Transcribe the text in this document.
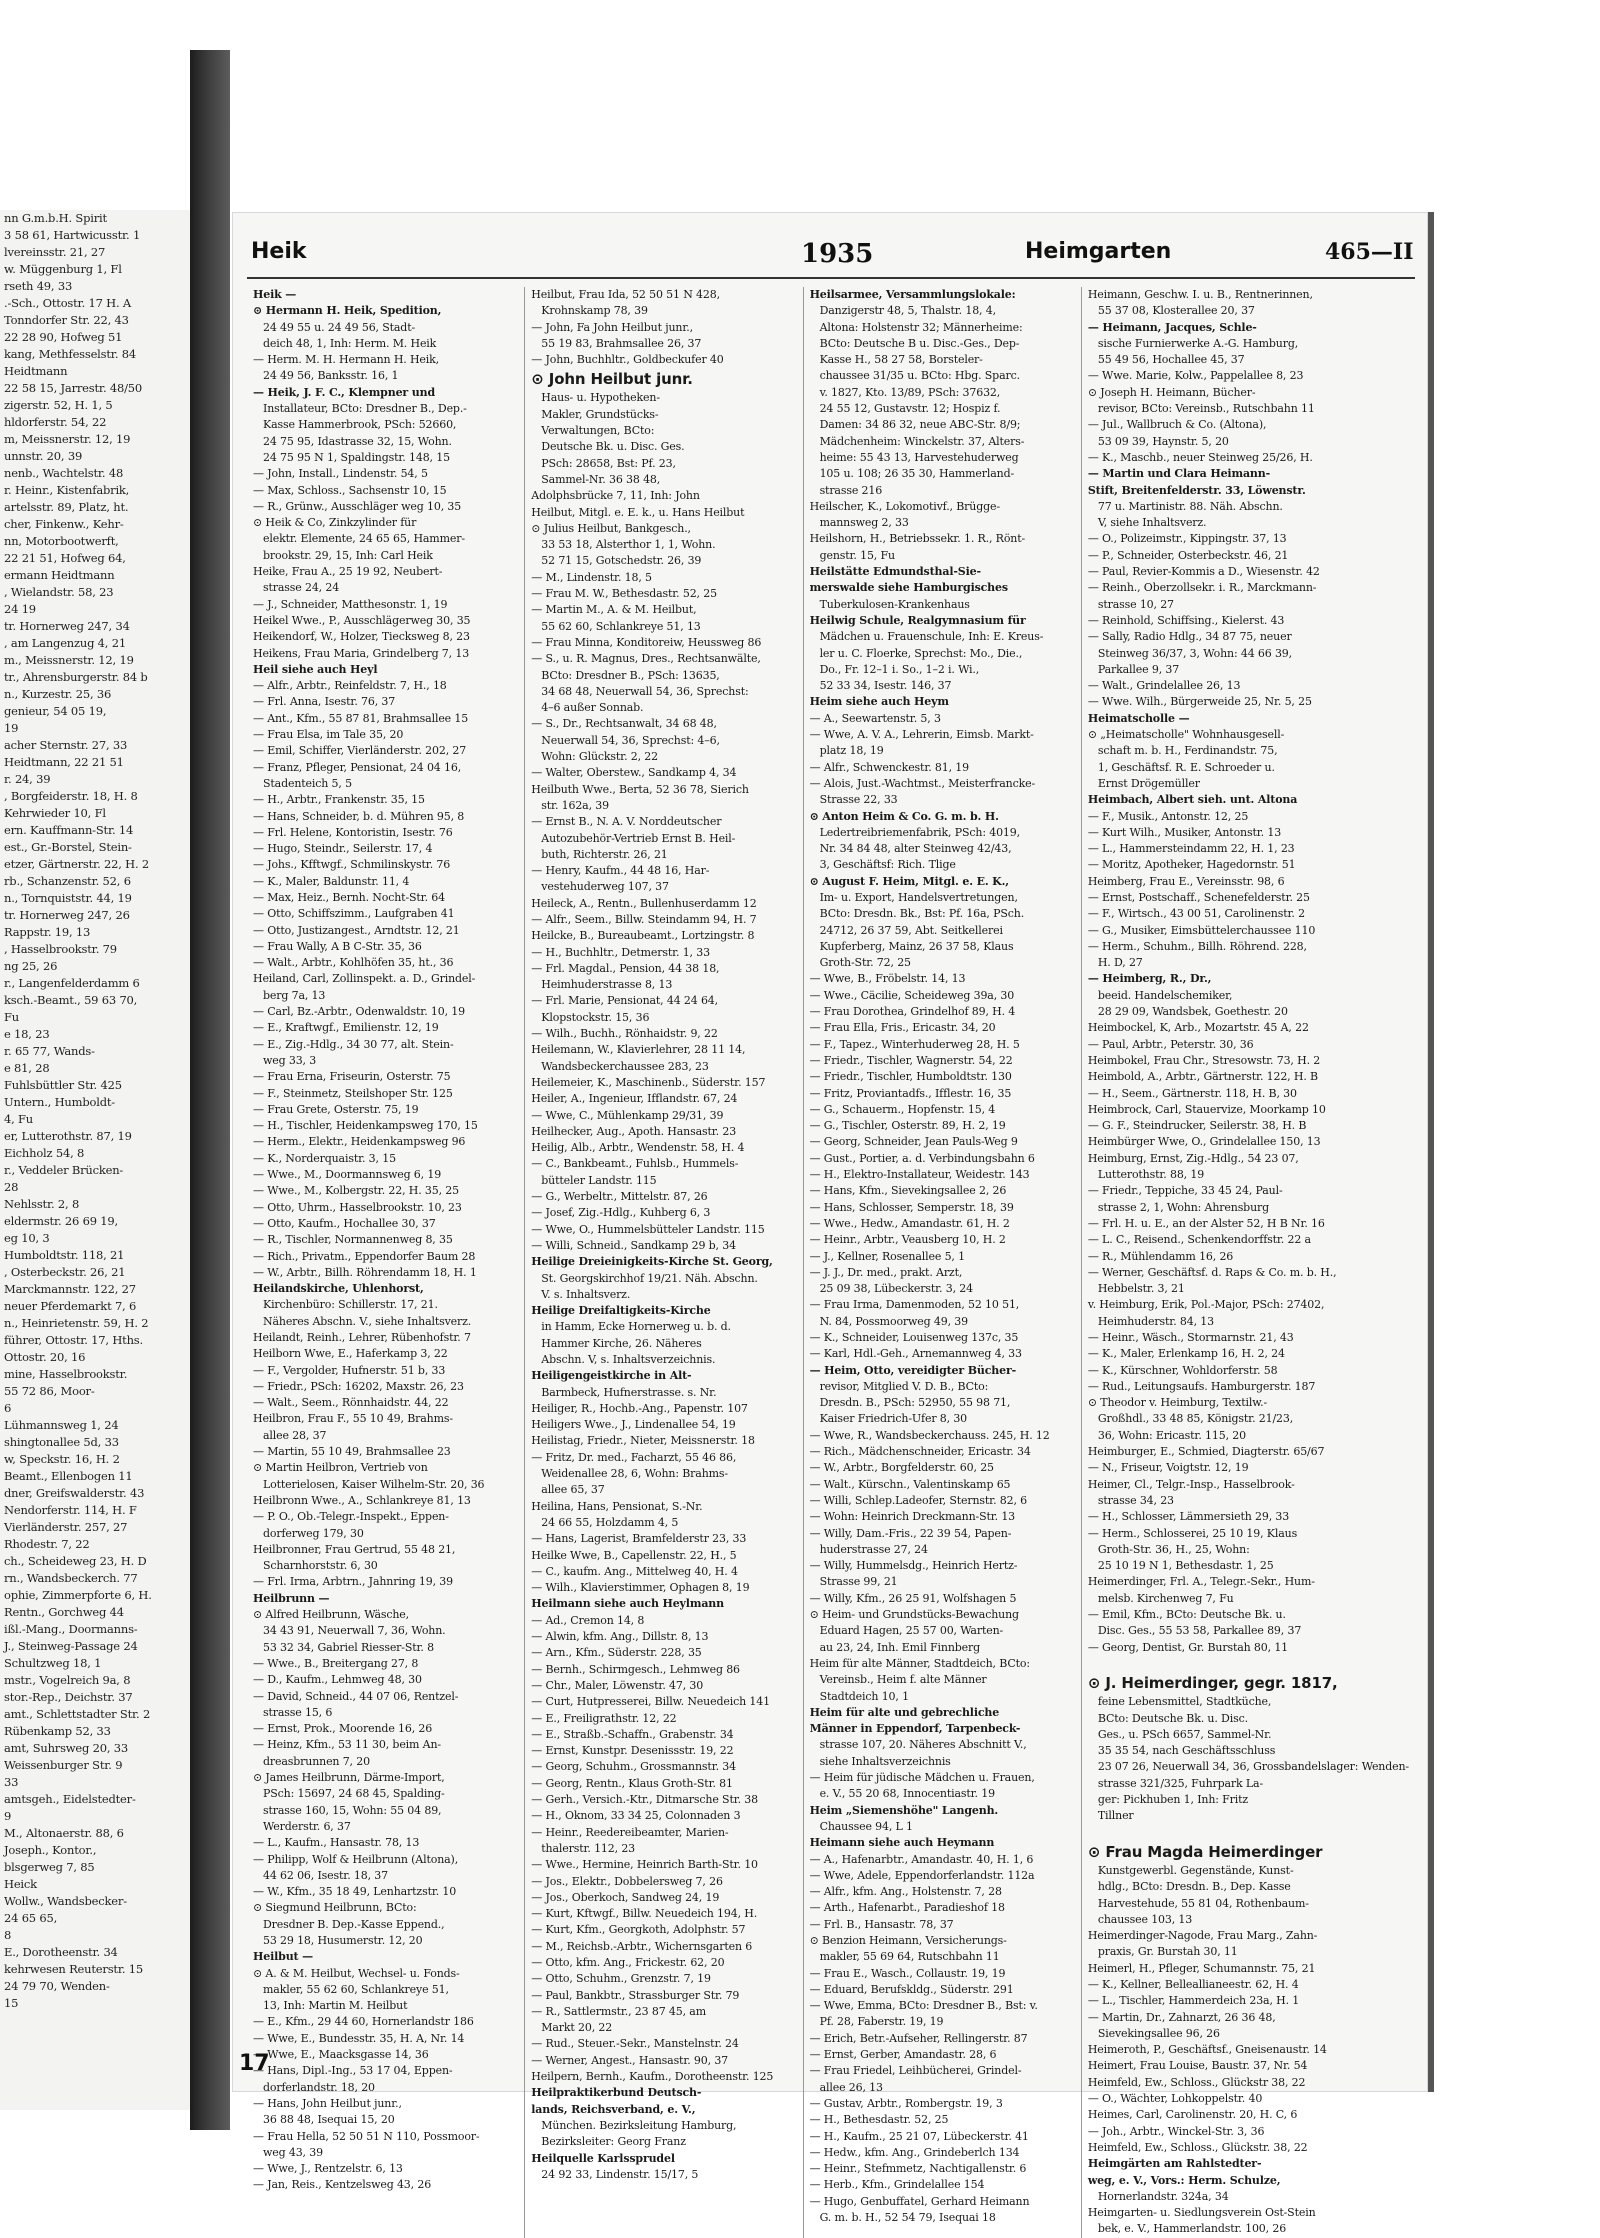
nn G.m.b.H. Spirit
3 58 61, Hartwicusstr. 1
lvereinsstr. 21, 27
w. Müggenburg 1, Fl
rseth 49, 33
.-Sch., Ottostr. 17 H. A
Tonndorfer Str. 22, 43
22 28 90, Hofweg 51
kang, Methfesselstr. 84
Heidtmann
22 58 15, Jarrestr. 48/50
zigerstr. 52, H. 1, 5
hldorferstr. 54, 22
m, Meissnerstr. 12, 19
unnstr. 20, 39
nenb., Wachtelstr. 48
r. Heinr., Kistenfabrik,
artelsstr. 89, Platz, ht.
cher, Finkenw., Kehr-
nn, Motorbootwerft,
22 21 51, Hofweg 64,
ermann Heidtmann
, Wielandstr. 58, 23
24 19
tr. Hornerweg 247, 34
, am Langenzug 4, 21
m., Meissnerstr. 12, 19
tr., Ahrensburgerstr. 84 b
n., Kurzestr. 25, 36
genieur, 54 05 19,
19
acher Sternstr. 27, 33
Heidtmann, 22 21 51
r. 24, 39
, Borgfeiderstr. 18, H. 8
Kehrwieder 10, Fl
ern. Kauffmann-Str. 14
est., Gr.-Borstel, Stein-
etzer, Gärtnerstr. 22, H. 2
rb., Schanzenstr. 52, 6
n., Tornquiststr. 44, 19
tr. Hornerweg 247, 26
Rappstr. 19, 13
, Hasselbrookstr. 79
ng 25, 26
r., Langenfelderdamm 6
ksch.-Beamt., 59 63 70,
Fu
e 18, 23
r. 65 77, Wands-
e 81, 28
Fuhlsbüttler Str. 425
Untern., Humboldt-
4, Fu
er, Lutterothstr. 87, 19
Eichholz 54, 8
r., Veddeler Brücken-
28
Nehlsstr. 2, 8
eldermstr. 26 69 19,
eg 10, 3
Humboldtstr. 118, 21
, Osterbeckstr. 26, 21
Marckmannstr. 122, 27
neuer Pferdemarkt 7, 6
n., Heinrietenstr. 59, H. 2
führer, Ottostr. 17, Hths.
Ottostr. 20, 16
mine, Hasselbrookstr.
55 72 86, Moor-
6
Lühmannsweg 1, 24
shingtonallee 5d, 33
w, Speckstr. 16, H. 2
Beamt., Ellenbogen 11
dner, Greifswalderstr. 43
Nendorferstr. 114, H. F
Vierländerstr. 257, 27
Rhodestr. 7, 22
ch., Scheideweg 23, H. D
rn., Wandsbeckerch. 77
ophie, Zimmerpforte 6, H.
Rentn., Gorchweg 44
ißl.-Mang., Doormanns-
J., Steinweg-Passage 24
Schultzweg 18, 1
mstr., Vogelreich 9a, 8
stor.-Rep., Deichstr. 37
amt., Schlettstadter Str. 2
Rübenkamp 52, 33
amt, Suhrsweg 20, 33
Weissenburger Str. 9
33
amtsgeh., Eidelstedter-
9
M., Altonaerstr. 88, 6
Joseph., Kontor.,
blsgerweg 7, 85
Heick
Wollw., Wandsbecker-
24 65 65,
8
E., Dorotheenstr. 34
kehrwesen Reuterstr. 15
24 79 70, Wenden-
15
Heik	1935	Heimgarten	465—II
Heik —
⊙ Hermann H. Heik, Spedition,
24 49 55 u. 24 49 56, Stadt-
deich 48, 1, Inh: Herm. M. Heik
— Herm. M. H. Hermann H. Heik,
24 49 56, Banksstr. 16, 1
— Heik, J. F. C., Klempner und
Installateur, BCto: Dresdner B., Dep.-
Kasse Hammerbrook, PSch: 52660,
24 75 95, Idastrasse 32, 15, Wohn.
24 75 95 N 1, Spaldingstr. 148, 15
— John, Install., Lindenstr. 54, 5
— Max, Schloss., Sachsenstr 10, 15
— R., Grünw., Ausschläger weg 10, 35
⊙ Heik & Co, Zinkzylinder für
elektr. Elemente, 24 65 65, Hammer-
brookstr. 29, 15, Inh: Carl Heik
Heike, Frau A., 25 19 92, Neubert-
strasse 24, 24
— J., Schneider, Matthesonstr. 1, 19
Heikel Wwe., P., Ausschlägerweg 30, 35
Heikendorf, W., Holzer, Tiecksweg 8, 23
Heikens, Frau Maria, Grindelberg 7, 13
Heil siehe auch Heyl
— Alfr., Arbtr., Reinfeldstr. 7, H., 18
— Frl. Anna, Isestr. 76, 37
— Ant., Kfm., 55 87 81, Brahmsallee 15
— Frau Elsa, im Tale 35, 20
— Emil, Schiffer, Vierländerstr. 202, 27
— Franz, Pfleger, Pensionat, 24 04 16,
Stadenteich 5, 5
— H., Arbtr., Frankenstr. 35, 15
— Hans, Schneider, b. d. Mühren 95, 8
— Frl. Helene, Kontoristin, Isestr. 76
— Hugo, Steindr., Seilerstr. 17, 4
— Johs., Kfftwgf., Schmilinskystr. 76
— K., Maler, Baldunstr. 11, 4
— Max, Heiz., Bernh. Nocht-Str. 64
— Otto, Schiffszimm., Laufgraben 41
— Otto, Justizangest., Arndtstr. 12, 21
— Frau Wally, A B C-Str. 35, 36
— Walt., Arbtr., Kohlhöfen 35, ht., 36
Heiland, Carl, Zollinspekt. a. D., Grindel-
berg 7a, 13
— Carl, Bz.-Arbtr., Odenwaldstr. 10, 19
— E., Kraftwgf., Emilienstr. 12, 19
— E., Zig.-Hdlg., 34 30 77, alt. Stein-
weg 33, 3
— Frau Erna, Friseurin, Osterstr. 75
— F., Steinmetz, Steilshoper Str. 125
— Frau Grete, Osterstr. 75, 19
— H., Tischler, Heidenkampsweg 170, 15
— Herm., Elektr., Heidenkampsweg 96
— K., Norderquaistr. 3, 15
— Wwe., M., Doormannsweg 6, 19
— Wwe., M., Kolbergstr. 22, H. 35, 25
— Otto, Uhrm., Hasselbrookstr. 10, 23
— Otto, Kaufm., Hochallee 30, 37
— R., Tischler, Normannenweg 8, 35
— Rich., Privatm., Eppendorfer Baum 28
— W., Arbtr., Billh. Röhrendamm 18, H. 1
Heilandskirche, Uhlenhorst,
Kirchenbüro: Schillerstr. 17, 21.
Näheres Abschn. V., siehe Inhaltsverz.
Heilandt, Reinh., Lehrer, Rübenhofstr. 7
Heilborn Wwe, E., Haferkamp 3, 22
— F., Vergolder, Hufnerstr. 51 b, 33
— Friedr., PSch: 16202, Maxstr. 26, 23
— Walt., Seem., Rönnhaidstr. 44, 22
Heilbron, Frau F., 55 10 49, Brahms-
allee 28, 37
— Martin, 55 10 49, Brahmsallee 23
⊙ Martin Heilbron, Vertrieb von
Lotterielosen, Kaiser Wilhelm-Str. 20, 36
Heilbronn Wwe., A., Schlankreye 81, 13
— P. O., Ob.-Telegr.-Inspekt., Eppen-
dorferweg 179, 30
Heilbronner, Frau Gertrud, 55 48 21,
Scharnhorststr. 6, 30
— Frl. Irma, Arbtrn., Jahnring 19, 39
Heilbrunn —
⊙ Alfred Heilbrunn, Wäsche,
34 43 91, Neuerwall 7, 36, Wohn.
53 32 34, Gabriel Riesser-Str. 8
— Wwe., B., Breitergang 27, 8
— D., Kaufm., Lehmweg 48, 30
— David, Schneid., 44 07 06, Rentzel-
strasse 15, 6
— Ernst, Prok., Moorende 16, 26
— Heinz, Kfm., 53 11 30, beim An-
dreasbrunnen 7, 20
⊙ James Heilbrunn, Därme-Import,
PSch: 15697, 24 68 45, Spalding-
strasse 160, 15, Wohn: 55 04 89,
Werderstr. 6, 37
— L., Kaufm., Hansastr. 78, 13
— Philipp, Wolf & Heilbrunn (Altona),
44 62 06, Isestr. 18, 37
— W., Kfm., 35 18 49, Lenhartzstr. 10
⊙ Siegmund Heilbrunn, BCto:
Dresdner B. Dep.-Kasse Eppend.,
53 29 18, Husumerstr. 12, 20
Heilbut —
⊙ A. & M. Heilbut, Wechsel- u. Fonds-
makler, 55 62 60, Schlankreye 51,
13, Inh: Martin M. Heilbut
— E., Kfm., 29 44 60, Hornerlandstr 186
— Wwe, E., Bundesstr. 35, H. A, Nr. 14
— Wwe, E., Maacksgasse 14, 36
— Hans, Dipl.-Ing., 53 17 04, Eppen-
dorferlandstr. 18, 20
— Hans, John Heilbut junr.,
36 88 48, Isequai 15, 20
— Frau Hella, 52 50 51 N 110, Possmoor-
weg 43, 39
— Wwe, J., Rentzelstr. 6, 13
— Jan, Reis., Kentzelsweg 43, 26
Heilbut, Frau Ida, 52 50 51 N 428,
Krohnskamp 78, 39
— John, Fa John Heilbut junr.,
55 19 83, Brahmsallee 26, 37
— John, Buchhltr., Goldbeckufer 40
⊙ John Heilbut junr.
Haus- u. Hypotheken-
Makler, Grundstücks-
Verwaltungen, BCto:
Deutsche Bk. u. Disc. Ges.
PSch: 28658, Bst: Pf. 23,
Sammel-Nr. 36 38 48,
Adolphsbrücke 7, 11, Inh: John
Heilbut, Mitgl. e. E. k., u. Hans Heilbut
⊙ Julius Heilbut, Bankgesch.,
33 53 18, Alsterthor 1, 1, Wohn.
52 71 15, Gotschedstr. 26, 39
— M., Lindenstr. 18, 5
— Frau M. W., Bethesdastr. 52, 25
— Martin M., A. & M. Heilbut,
55 62 60, Schlankreye 51, 13
— Frau Minna, Konditoreiw, Heussweg 86
— S., u. R. Magnus, Dres., Rechtsanwälte,
BCto: Dresdner B., PSch: 13635,
34 68 48, Neuerwall 54, 36, Sprechst:
4–6 außer Sonnab.
— S., Dr., Rechtsanwalt, 34 68 48,
Neuerwall 54, 36, Sprechst: 4–6,
Wohn: Glückstr. 2, 22
— Walter, Oberstew., Sandkamp 4, 34
Heilbuth Wwe., Berta, 52 36 78, Sierich
str. 162a, 39
— Ernst B., N. A. V. Norddeutscher
Autozubehör-Vertrieb Ernst B. Heil-
buth, Richterstr. 26, 21
— Henry, Kaufm., 44 48 16, Har-
vestehuderweg 107, 37
Heileck, A., Rentn., Bullenhuserdamm 12
— Alfr., Seem., Billw. Steindamm 94, H. 7
Heilcke, B., Bureaubeamt., Lortzingstr. 8
— H., Buchhltr., Detmerstr. 1, 33
— Frl. Magdal., Pension, 44 38 18,
Heimhuderstrasse 8, 13
— Frl. Marie, Pensionat, 44 24 64,
Klopstockstr. 15, 36
— Wilh., Buchh., Rönhaidstr. 9, 22
Heilemann, W., Klavierlehrer, 28 11 14,
Wandsbeckerchaussee 283, 23
Heilemeier, K., Maschinenb., Süderstr. 157
Heiler, A., Ingenieur, Ifflandstr. 67, 24
— Wwe, C., Mühlenkamp 29/31, 39
Heilhecker, Aug., Apoth. Hansastr. 23
Heilig, Alb., Arbtr., Wendenstr. 58, H. 4
— C., Bankbeamt., Fuhlsb., Hummels-
bütteler Landstr. 115
— G., Werbeltr., Mittelstr. 87, 26
— Josef, Zig.-Hdlg., Kuhberg 6, 3
— Wwe, O., Hummelsbütteler Landstr. 115
— Willi, Schneid., Sandkamp 29 b, 34
Heilige Dreieinigkeits-Kirche St. Georg,
St. Georgskirchhof 19/21. Näh. Abschn.
V. s. Inhaltsverz.
Heilige Dreifaltigkeits-Kirche
in Hamm, Ecke Hornerweg u. b. d.
Hammer Kirche, 26. Näheres
Abschn. V, s. Inhaltsverzeichnis.
Heiligengeistkirche in Alt-
Barmbeck, Hufnerstrasse. s. Nr.
Heiliger, R., Hochb.-Ang., Papenstr. 107
Heiligers Wwe., J., Lindenallee 54, 19
Heilistag, Friedr., Nieter, Meissnerstr. 18
— Fritz, Dr. med., Facharzt, 55 46 86,
Weidenallee 28, 6, Wohn: Brahms-
allee 65, 37
Heilina, Hans, Pensionat, S.-Nr.
24 66 55, Holzdamm 4, 5
— Hans, Lagerist, Bramfelderstr 23, 33
Heilke Wwe, B., Capellenstr. 22, H., 5
— C., kaufm. Ang., Mittelweg 40, H. 4
— Wilh., Klavierstimmer, Ophagen 8, 19
Heilmann siehe auch Heylmann
— Ad., Cremon 14, 8
— Alwin, kfm. Ang., Dillstr. 8, 13
— Arn., Kfm., Süderstr. 228, 35
— Bernh., Schirmgesch., Lehmweg 86
— Chr., Maler, Löwenstr. 47, 30
— Curt, Hutpresserei, Billw. Neuedeich 141
— E., Freiligrathstr. 12, 22
— E., Straßb.-Schaffn., Grabenstr. 34
— Ernst, Kunstpr. Desenissstr. 19, 22
— Georg, Schuhm., Grossmannstr. 34
— Georg, Rentn., Klaus Groth-Str. 81
— Gerh., Versich.-Ktr., Ditmarsche Str. 38
— H., Oknom, 33 34 25, Colonnaden 3
— Heinr., Reedereibeamter, Marien-
thalerstr. 112, 23
— Wwe., Hermine, Heinrich Barth-Str. 10
— Jos., Elektr., Dobbelersweg 7, 26
— Jos., Oberkoch, Sandweg 24, 19
— Kurt, Kftwgf., Billw. Neuedeich 194, H.
— Kurt, Kfm., Georgkoth, Adolphstr. 57
— M., Reichsb.-Arbtr., Wichernsgarten 6
— Otto, kfm. Ang., Frickestr. 62, 20
— Otto, Schuhm., Grenzstr. 7, 19
— Paul, Bankbtr., Strassburger Str. 79
— R., Sattlermstr., 23 87 45, am
Markt 20, 22
— Rud., Steuer.-Sekr., Manstelnstr. 24
— Werner, Angest., Hansastr. 90, 37
Heilpern, Bernh., Kaufm., Dorotheenstr. 125
Heilpraktikerbund Deutsch-
lands, Reichsverband, e. V.,
München. Bezirksleitung Hamburg,
Bezirksleiter: Georg Franz
Heilquelle Karlssprudel
24 92 33, Lindenstr. 15/17, 5
Heilsarmee, Versammlungslokale:
Danzigerstr 48, 5, Thalstr. 18, 4,
Altona: Holstenstr 32; Männerheime:
BCto: Deutsche B u. Disc.-Ges., Dep-
Kasse H., 58 27 58, Borsteler-
chaussee 31/35 u. BCto: Hbg. Sparc.
v. 1827, Kto. 13/89, PSch: 37632,
24 55 12, Gustavstr. 12; Hospiz f.
Damen: 34 86 32, neue ABC-Str. 8/9;
Mädchenheim: Winckelstr. 37, Alters-
heime: 55 43 13, Harvestehuderweg
105 u. 108; 26 35 30, Hammerland-
strasse 216
Heilscher, K., Lokomotivf., Brügge-
mannsweg 2, 33
Heilshorn, H., Betriebssekr. 1. R., Rönt-
genstr. 15, Fu
Heilstätte Edmundsthal-Sie-
merswalde siehe Hamburgisches
Tuberkulosen-Krankenhaus
Heilwig Schule, Realgymnasium für
Mädchen u. Frauenschule, Inh: E. Kreus-
ler u. C. Floerke, Sprechst: Mo., Die.,
Do., Fr. 12–1 i. So., 1–2 i. Wi.,
52 33 34, Isestr. 146, 37
Heim siehe auch Heym
— A., Seewartenstr. 5, 3
— Wwe, A. V. A., Lehrerin, Eimsb. Markt-
platz 18, 19
— Alfr., Schwenckestr. 81, 19
— Alois, Just.-Wachtmst., Meisterfrancke-
Strasse 22, 33
⊙ Anton Heim & Co. G. m. b. H.
Ledertreibriemenfabrik, PSch: 4019,
Nr. 34 84 48, alter Steinweg 42/43,
3, Geschäftsf: Rich. Tlige
⊙ August F. Heim, Mitgl. e. E. K.,
Im- u. Export, Handelsvertretungen,
BCto: Dresdn. Bk., Bst: Pf. 16a, PSch.
24712, 26 37 59, Abt. Seitkellerei
Kupferberg, Mainz, 26 37 58, Klaus
Groth-Str. 72, 25
— Wwe, B., Fröbelstr. 14, 13
— Wwe., Cäcilie, Scheideweg 39a, 30
— Frau Dorothea, Grindelhof 89, H. 4
— Frau Ella, Fris., Ericastr. 34, 20
— F., Tapez., Winterhuderweg 28, H. 5
— Friedr., Tischler, Wagnerstr. 54, 22
— Friedr., Tischler, Humboldtstr. 130
— Fritz, Proviantadfs., Ifflestr. 16, 35
— G., Schauerm., Hopfenstr. 15, 4
— G., Tischler, Osterstr. 89, H. 2, 19
— Georg, Schneider, Jean Pauls-Weg 9
— Gust., Portier, a. d. Verbindungsbahn 6
— H., Elektro-Installateur, Weidestr. 143
— Hans, Kfm., Sievekingsallee 2, 26
— Hans, Schlosser, Semperstr. 18, 39
— Wwe., Hedw., Amandastr. 61, H. 2
— Heinr., Arbtr., Veausberg 10, H. 2
— J., Kellner, Rosenallee 5, 1
— J. J., Dr. med., prakt. Arzt,
25 09 38, Lübeckerstr. 3, 24
— Frau Irma, Damenmoden, 52 10 51,
N. 84, Possmoorweg 49, 39
— K., Schneider, Louisenweg 137c, 35
— Karl, Hdl.-Geh., Arnemannweg 4, 33
— Heim, Otto, vereidigter Bücher-
revisor, Mitglied V. D. B., BCto:
Dresdn. B., PSch: 52950, 55 98 71,
Kaiser Friedrich-Ufer 8, 30
— Wwe, R., Wandsbeckerchauss. 245, H. 12
— Rich., Mädchenschneider, Ericastr. 34
— W., Arbtr., Borgfelderstr. 60, 25
— Walt., Kürschn., Valentinskamp 65
— Willi, Schlep.Ladeofer, Sternstr. 82, 6
— Wohn: Heinrich Dreckmann-Str. 13
— Willy, Dam.-Fris., 22 39 54, Papen-
huderstrasse 27, 24
— Willy, Hummelsdg., Heinrich Hertz-
Strasse 99, 21
— Willy, Kfm., 26 25 91, Wolfshagen 5
⊙ Heim- und Grundstücks-Bewachung
Eduard Hagen, 25 57 00, Warten-
au 23, 24, Inh. Emil Finnberg
Heim für alte Männer, Stadtdeich, BCto:
Vereinsb., Heim f. alte Männer
Stadtdeich 10, 1
Heim für alte und gebrechliche
Männer in Eppendorf, Tarpenbeck-
strasse 107, 20. Näheres Abschnitt V.,
siehe Inhaltsverzeichnis
— Heim für jüdische Mädchen u. Frauen,
e. V., 55 20 68, Innocentiastr. 19
Heim „Siemenshöhe" Langenh.
Chaussee 94, L 1
Heimann siehe auch Heymann
— A., Hafenarbtr., Amandastr. 40, H. 1, 6
— Wwe, Adele, Eppendorferlandstr. 112a
— Alfr., kfm. Ang., Holstenstr. 7, 28
— Arth., Hafenarbt., Paradieshof 18
— Frl. B., Hansastr. 78, 37
⊙ Benzion Heimann, Versicherungs-
makler, 55 69 64, Rutschbahn 11
— Frau E., Wasch., Collaustr. 19, 19
— Eduard, Berufskldg., Süderstr. 291
— Wwe, Emma, BCto: Dresdner B., Bst: v.
Pf. 28, Faberstr. 19, 19
— Erich, Betr.-Aufseher, Rellingerstr. 87
— Ernst, Gerber, Amandastr. 28, 6
— Frau Friedel, Leihbücherei, Grindel-
allee 26, 13
— Gustav, Arbtr., Rombergstr. 19, 3
— H., Bethesdastr. 52, 25
— H., Kaufm., 25 21 07, Lübeckerstr. 41
— Hedw., kfm. Ang., Grindeberlch 134
— Heinr., Stefmmetz, Nachtigallenstr. 6
— Herb., Kfm., Grindelallee 154
— Hugo, Genbuffatel, Gerhard Heimann
G. m. b. H., 52 54 79, Isequai 18
Heimann, Geschw. I. u. B., Rentnerinnen,
55 37 08, Klosterallee 20, 37
— Heimann, Jacques, Schle-
sische Furnierwerke A.-G. Hamburg,
55 49 56, Hochallee 45, 37
— Wwe. Marie, Kolw., Pappelallee 8, 23
⊙ Joseph H. Heimann, Bücher-
revisor, BCto: Vereinsb., Rutschbahn 11
— Jul., Wallbruch & Co. (Altona),
53 09 39, Haynstr. 5, 20
— K., Maschb., neuer Steinweg 25/26, H.
— Martin und Clara Heimann-
Stift, Breitenfelderstr. 33, Löwenstr.
77 u. Martinistr. 88. Näh. Abschn.
V, siehe Inhaltsverz.
— O., Polizeimstr., Kippingstr. 37, 13
— P., Schneider, Osterbeckstr. 46, 21
— Paul, Revier-Kommis a D., Wiesenstr. 42
— Reinh., Oberzollsekr. i. R., Marckmann-
strasse 10, 27
— Reinhold, Schiffsing., Kielerst. 43
— Sally, Radio Hdlg., 34 87 75, neuer
Steinweg 36/37, 3, Wohn: 44 66 39,
Parkallee 9, 37
— Walt., Grindelallee 26, 13
— Wwe. Wilh., Bürgerweide 25, Nr. 5, 25
Heimatscholle —
⊙ „Heimatscholle" Wohnhausgesell-
schaft m. b. H., Ferdinandstr. 75,
1, Geschäftsf. R. E. Schroeder u.
Ernst Drögemüller
Heimbach, Albert sieh. unt. Altona
— F., Musik., Antonstr. 12, 25
— Kurt Wilh., Musiker, Antonstr. 13
— L., Hammersteindamm 22, H. 1, 23
— Moritz, Apotheker, Hagedornstr. 51
Heimberg, Frau E., Vereinsstr. 98, 6
— Ernst, Postschaff., Schenefelderstr. 25
— F., Wirtsch., 43 00 51, Carolinenstr. 2
— G., Musiker, Eimsbüttelerchaussee 110
— Herm., Schuhm., Billh. Röhrend. 228,
H. D, 27
— Heimberg, R., Dr.,
beeid. Handelschemiker,
28 29 09, Wandsbek, Goethestr. 20
Heimbockel, K, Arb., Mozartstr. 45 A, 22
— Paul, Arbtr., Peterstr. 30, 36
Heimbokel, Frau Chr., Stresowstr. 73, H. 2
Heimbold, A., Arbtr., Gärtnerstr. 122, H. B
— H., Seem., Gärtnerstr. 118, H. B, 30
Heimbrock, Carl, Stauervize, Moorkamp 10
— G. F., Steindrucker, Seilerstr. 38, H. B
Heimbürger Wwe, O., Grindelallee 150, 13
Heimburg, Ernst, Zig.-Hdlg., 54 23 07,
Lutterothstr. 88, 19
— Friedr., Teppiche, 33 45 24, Paul-
strasse 2, 1, Wohn: Ahrensburg
— Frl. H. u. E., an der Alster 52, H B Nr. 16
— L. C., Reisend., Schenkendorffstr. 22 a
— R., Mühlendamm 16, 26
— Werner, Geschäftsf. d. Raps & Co. m. b. H.,
Hebbelstr. 3, 21
v. Heimburg, Erik, Pol.-Major, PSch: 27402,
Heimhuderstr. 84, 13
— Heinr., Wäsch., Stormarnstr. 21, 43
— K., Maler, Erlenkamp 16, H. 2, 24
— K., Kürschner, Wohldorferstr. 58
— Rud., Leitungsaufs. Hamburgerstr. 187
⊙ Theodor v. Heimburg, Textilw.-
Großhdl., 33 48 85, Königstr. 21/23,
36, Wohn: Ericastr. 115, 20
Heimburger, E., Schmied, Diagterstr. 65/67
— N., Friseur, Voigtstr. 12, 19
Heimer, Cl., Telgr.-Insp., Hasselbrook-
strasse 34, 23
— H., Schlosser, Lämmersieth 29, 33
— Herm., Schlosserei, 25 10 19, Klaus
Groth-Str. 36, H., 25, Wohn:
25 10 19 N 1, Bethesdastr. 1, 25
Heimerdinger, Frl. A., Telegr.-Sekr., Hum-
melsb. Kirchenweg 7, Fu
— Emil, Kfm., BCto: Deutsche Bk. u.
Disc. Ges., 55 53 58, Parkallee 89, 37
— Georg, Dentist, Gr. Burstah 80, 11

⊙ J. Heimerdinger, gegr. 1817,
feine Lebensmittel, Stadtküche,
BCto: Deutsche Bk. u. Disc.
Ges., u. PSch 6657, Sammel-Nr.
35 35 54, nach Geschäftsschluss
23 07 26, Neuerwall 34, 36, Grossbandelslager: Wenden-
strasse 321/325, Fuhrpark La-
ger: Pickhuben 1, Inh: Fritz
Tillner

⊙ Frau Magda Heimerdinger
Kunstgewerbl. Gegenstände, Kunst-
hdlg., BCto: Dresdn. B., Dep. Kasse
Harvestehude, 55 81 04, Rothenbaum-
chaussee 103, 13
Heimerdinger-Nagode, Frau Marg., Zahn-
praxis, Gr. Burstah 30, 11
Heimerl, H., Pfleger, Schumannstr. 75, 21
— K., Kellner, Belleallianeestr. 62, H. 4
— L., Tischler, Hammerdeich 23a, H. 1
— Martin, Dr., Zahnarzt, 26 36 48,
Sievekingsallee 96, 26
Heimeroth, P., Geschäftsf., Gneisenaustr. 14
Heimert, Frau Louise, Baustr. 37, Nr. 54
Heimfeld, Ew., Schloss., Glückstr 38, 22
— O., Wächter, Lohkoppelstr. 40
Heimes, Carl, Carolinenstr. 20, H. C, 6
— Joh., Arbtr., Winckel-Str. 3, 36
Heimfeld, Ew., Schloss., Glückstr. 38, 22
Heimgärten am Rahlstedter-
weg, e. V., Vors.: Herm. Schulze,
Hornerlandstr. 324a, 34
Heimgarten- u. Siedlungsverein Ost-Stein
bek, e. V., Hammerlandstr. 100, 26
17
